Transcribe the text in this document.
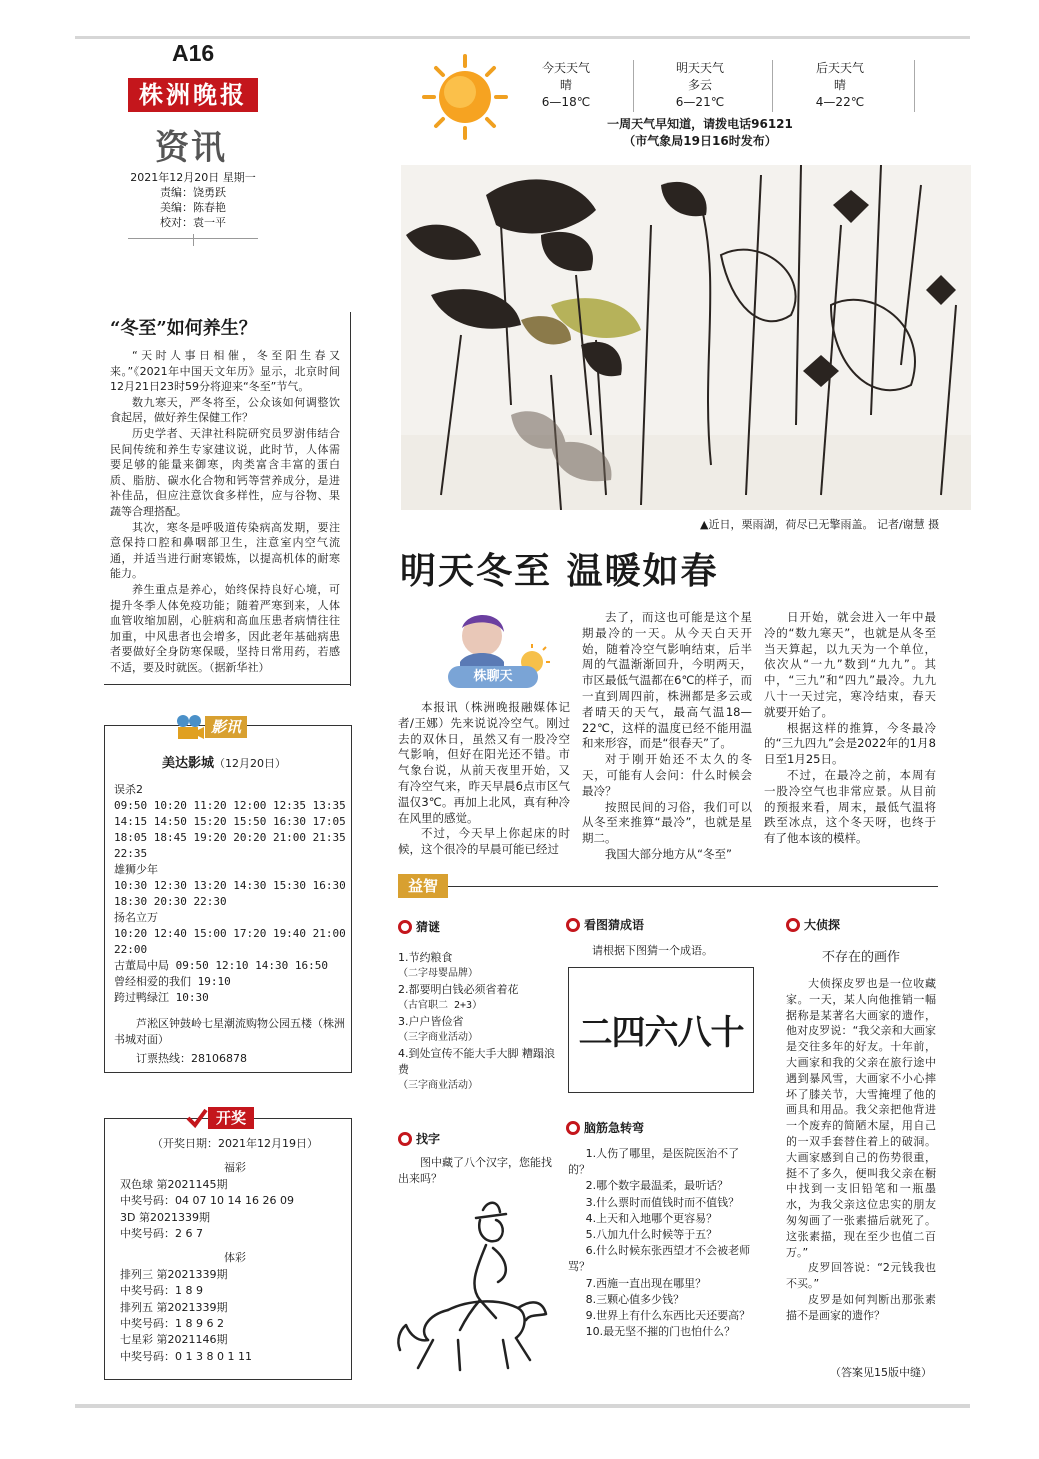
A16
株洲晚报
资讯
2021年12月20日 星期一
责编：饶勇跃
美编：陈春艳
校对：袁一平
今天天气
晴
6—18℃
明天天气
多云
6—21℃
后天天气
晴
4—22℃
一周天气早知道，请拨电话96121
（市气象局19日16时发布）
▲近日，栗雨湖，荷尽已无擎雨盖。 记者/谢慧 摄
明天冬至 温暖如春
株聊天

本报讯（株洲晚报融媒体记者/王娜）先来说说冷空气。刚过去的双休日，虽然又有一股冷空气影响，但好在阳光还不错。市气象台说，从前天夜里开始，又有冷空气来，昨天早晨6点市区气温仅3℃。再加上北风，真有种冷在风里的感觉。

不过，今天早上你起床的时候，这个很冷的早晨可能已经过

去了，而这也可能是这个星期最冷的一天。从今天白天开始，随着冷空气影响结束，后半周的气温渐渐回升，今明两天，市区最低气温都在6℃的样子，而一直到周四前，株洲都是多云或者晴天的天气，最高气温18—22℃，这样的温度已经不能用温和来形容，而是“很春天”了。

对于刚开始还不太久的冬天，可能有人会问：什么时候会最冷？

按照民间的习俗，我们可以从冬至来推算“最冷”，也就是星期二。

我国大部分地方从“冬至”

日开始，就会进入一年中最冷的“数九寒天”，也就是从冬至当天算起，以九天为一个单位，依次从“一九”数到“九九”。其中，“三九”和“四九”最冷。九九八十一天过完，寒冷结束，春天就要开始了。

根据这样的推算，今冬最冷的“三九四九”会是2022年的1月8日至1月25日。

不过，在最冷之前，本周有一股冷空气也非常应景。从目前的预报来看，周末，最低气温将跌至冰点，这个冬天呀，也终于有了他本该的模样。

“冬至”如何养生？

“天时人事日相催，冬至阳生春又来。”《2021年中国天文年历》显示，北京时间12月21日23时59分将迎来“冬至”节气。

数九寒天，严冬将至，公众该如何调整饮食起居，做好养生保健工作？

历史学者、天津社科院研究员罗澍伟结合民间传统和养生专家建议说，此时节，人体需要足够的能量来御寒，肉类富含丰富的蛋白质、脂肪、碳水化合物和钙等营养成分，是进补佳品，但应注意饮食多样性，应与谷物、果蔬等合理搭配。

其次，寒冬是呼吸道传染病高发期，要注意保持口腔和鼻咽部卫生，注意室内空气流通，并适当进行耐寒锻炼，以提高机体的耐寒能力。

养生重点是养心，始终保持良好心境，可提升冬季人体免疫功能；随着严寒到来，人体血管收缩加剧，心脏病和高血压患者病情往往加重，中风患者也会增多，因此老年基础病患者要做好全身防寒保暖，坚持日常用药，若感不适，要及时就医。（据新华社）

影讯
美达影城（12月20日）
误杀2
09:50 10:20 11:20 12:00 12:35 13:35 14:15 14:50 15:20 15:50 16:30 17:05 18:05 18:45 19:20 20:20 21:00 21:35 22:35
雄狮少年
10:30 12:30 13:20 14:30 15:30 16:30 18:30 20:30 22:30
扬名立万
10:20 12:40 15:00 17:20 19:40 21:00 22:00
古董局中局 09:50 12:10 14:30 16:50
曾经相爱的我们 19:10
跨过鸭绿江 10:30
芦淞区钟鼓岭七星潮流购物公园五楼（株洲书城对面）
订票热线：28106878
开奖
（开奖日期：2021年12月19日）
福彩
双色球 第2021145期
中奖号码：04 07 10 14 16 26 09
3D 第2021339期
中奖号码：2 6 7
体彩
排列三 第2021339期
中奖号码：1 8 9
排列五 第2021339期
中奖号码：1 8 9 6 2
七星彩 第2021146期
中奖号码：0 1 3 8 0 1 11
益智
猜谜
1.节约粮食
（二字母婴品牌）
2.都要明白钱必须省着花
（古官职二 2+3）
3.户户皆俭省
（三字商业活动）
4.到处宣传不能大手大脚 糟蹋浪费
（三字商业活动）
找字
图中藏了八个汉字，您能找出来吗？
看图猜成语
请根据下图猜一个成语。
二四六八十
脑筋急转弯
1.人伤了哪里，是医院医治不了的？
2.哪个数字最温柔，最听话？
3.什么票时而值钱时而不值钱？
4.上天和入地哪个更容易？
5.八加九什么时候等于五？
6.什么时候东张西望才不会被老师骂？
7.西施一直出现在哪里？
8.三颗心值多少钱？
9.世界上有什么东西比天还要高？
10.最无坚不摧的门也怕什么？
大侦探
不存在的画作

大侦探皮罗也是一位收藏家。一天，某人向他推销一幅据称是某著名大画家的遗作，他对皮罗说：“我父亲和大画家是交往多年的好友。十年前，大画家和我的父亲在旅行途中遇到暴风雪，大画家不小心摔坏了膝关节，大雪掩埋了他的画具和用品。我父亲把他背进一个废弃的简陋木屋，用自己的一双手套替住着上的破洞。大画家感到自己的伤势很重，挺不了多久，便叫我父亲在橱中找到一支旧铅笔和一瓶墨水，为我父亲这位忠实的朋友匆匆画了一张素描后就死了。这张素描，现在至少也值二百万。”

皮罗回答说：“2元钱我也不买。”

皮罗是如何判断出那张素描不是画家的遗作？

（答案见15版中缝）
